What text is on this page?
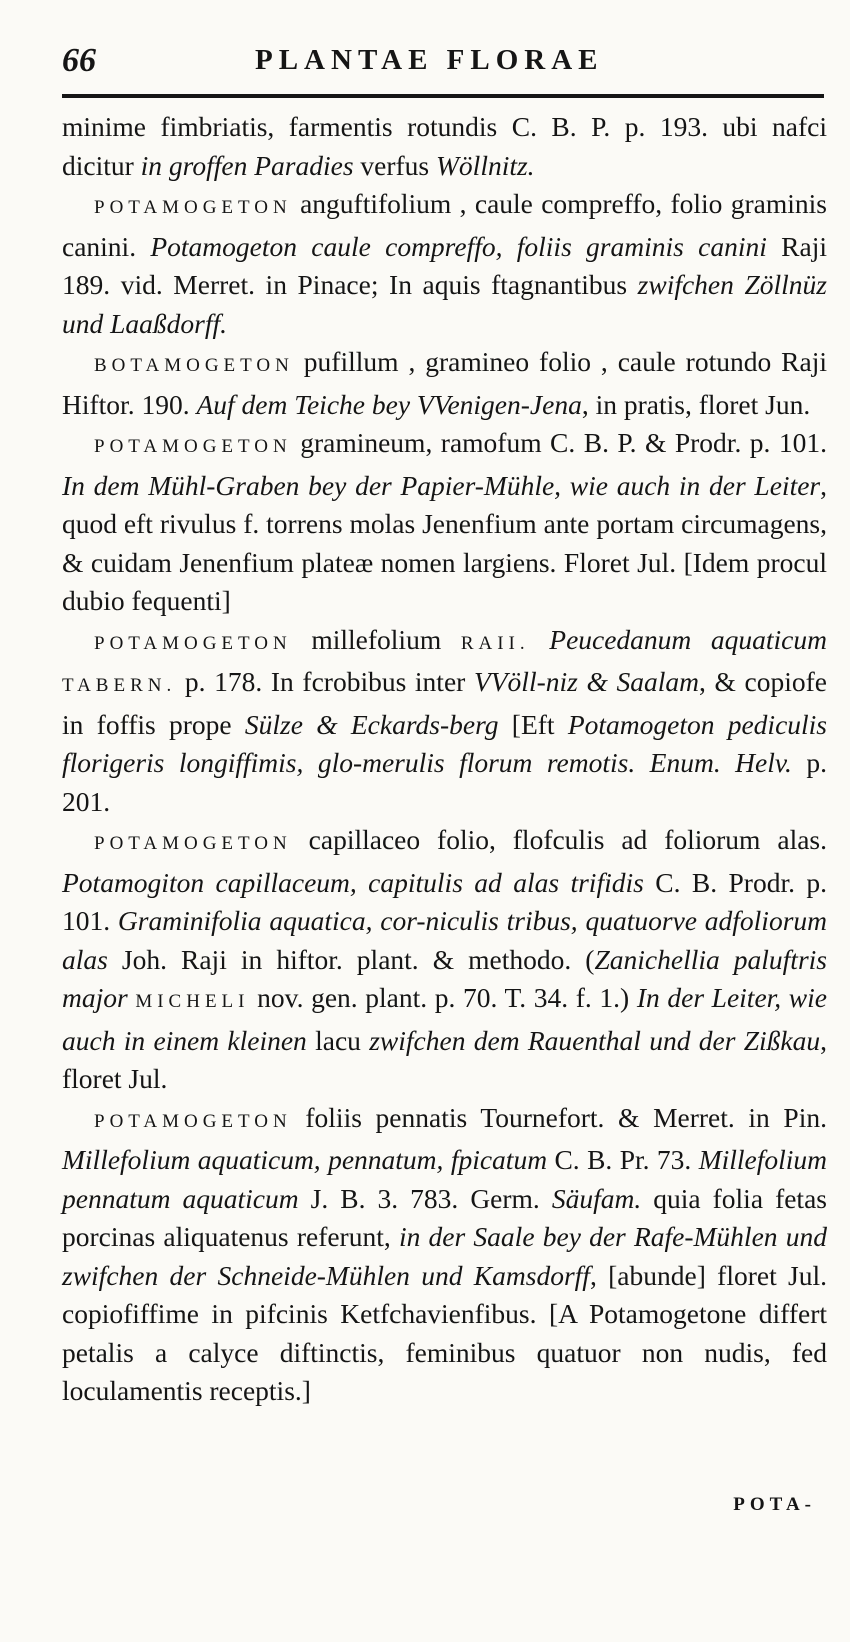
66	PLANTAE FLORAE

minime fimbriatis, farmentis rotundis C. B. P. p. 193. ubi nafci dicitur in groffen Paradies verfus Wöllnitz.

POTAMOGETON anguftifolium , caule compreffo, folio graminis canini. Potamogeton caule compreffo, foliis graminis canini Raji 189. vid. Merret. in Pinace; In aquis ftagnantibus zwifchen Zöllnüz und Laaßdorff.

BOTAMOGETON pufillum , gramineo folio , caule rotundo Raji Hiftor. 190. Auf dem Teiche bey VVenigen-Jena, in pratis, floret Jun.

POTAMOGETON gramineum, ramofum C. B. P. & Prodr. p. 101. In dem Mühl-Graben bey der Papier-Mühle, wie auch in der Leiter, quod eft rivulus f. torrens molas Jenenfium ante portam circumagens, & cuidam Jenenfium plateæ nomen largiens. Floret Jul. [Idem procul dubio fequenti]

POTAMOGETON millefolium RAII. Peucedanum aquaticum TABERN. p. 178. In fcrobibus inter VVöll-niz & Saalam, & copiofe in foffis prope Sülze & Eckards-berg [Eft Potamogeton pediculis florigeris longiffimis, glo-merulis florum remotis. Enum. Helv. p. 201.

POTAMOGETON capillaceo folio, flofculis ad foliorum alas. Potamogiton capillaceum, capitulis ad alas trifidis C. B. Prodr. p. 101. Graminifolia aquatica, cor-niculis tribus, quatuorve adfoliorum alas Joh. Raji in hiftor. plant. & methodo. (Zanichellia paluftris major MICHELI nov. gen. plant. p. 70. T. 34. f. 1.) In der Leiter, wie auch in einem kleinen lacu zwifchen dem Rauenthal und der Zißkau, floret Jul.

POTAMOGETON foliis pennatis Tournefort. & Merret. in Pin. Millefolium aquaticum, pennatum, fpicatum C. B. Pr. 73. Millefolium pennatum aquaticum J. B. 3. 783. Germ. Säufam. quia folia fetas porcinas aliquatenus referunt, in der Saale bey der Rafe-Mühlen und zwifchen der Schneide-Mühlen und Kamsdorff, [abunde] floret Jul. copiofiffime in pifcinis Ketfchavienfibus. [A Potamogetone differt petalis a calyce diftinctis, feminibus quatuor non nudis, fed loculamentis receptis.]

POTA-
